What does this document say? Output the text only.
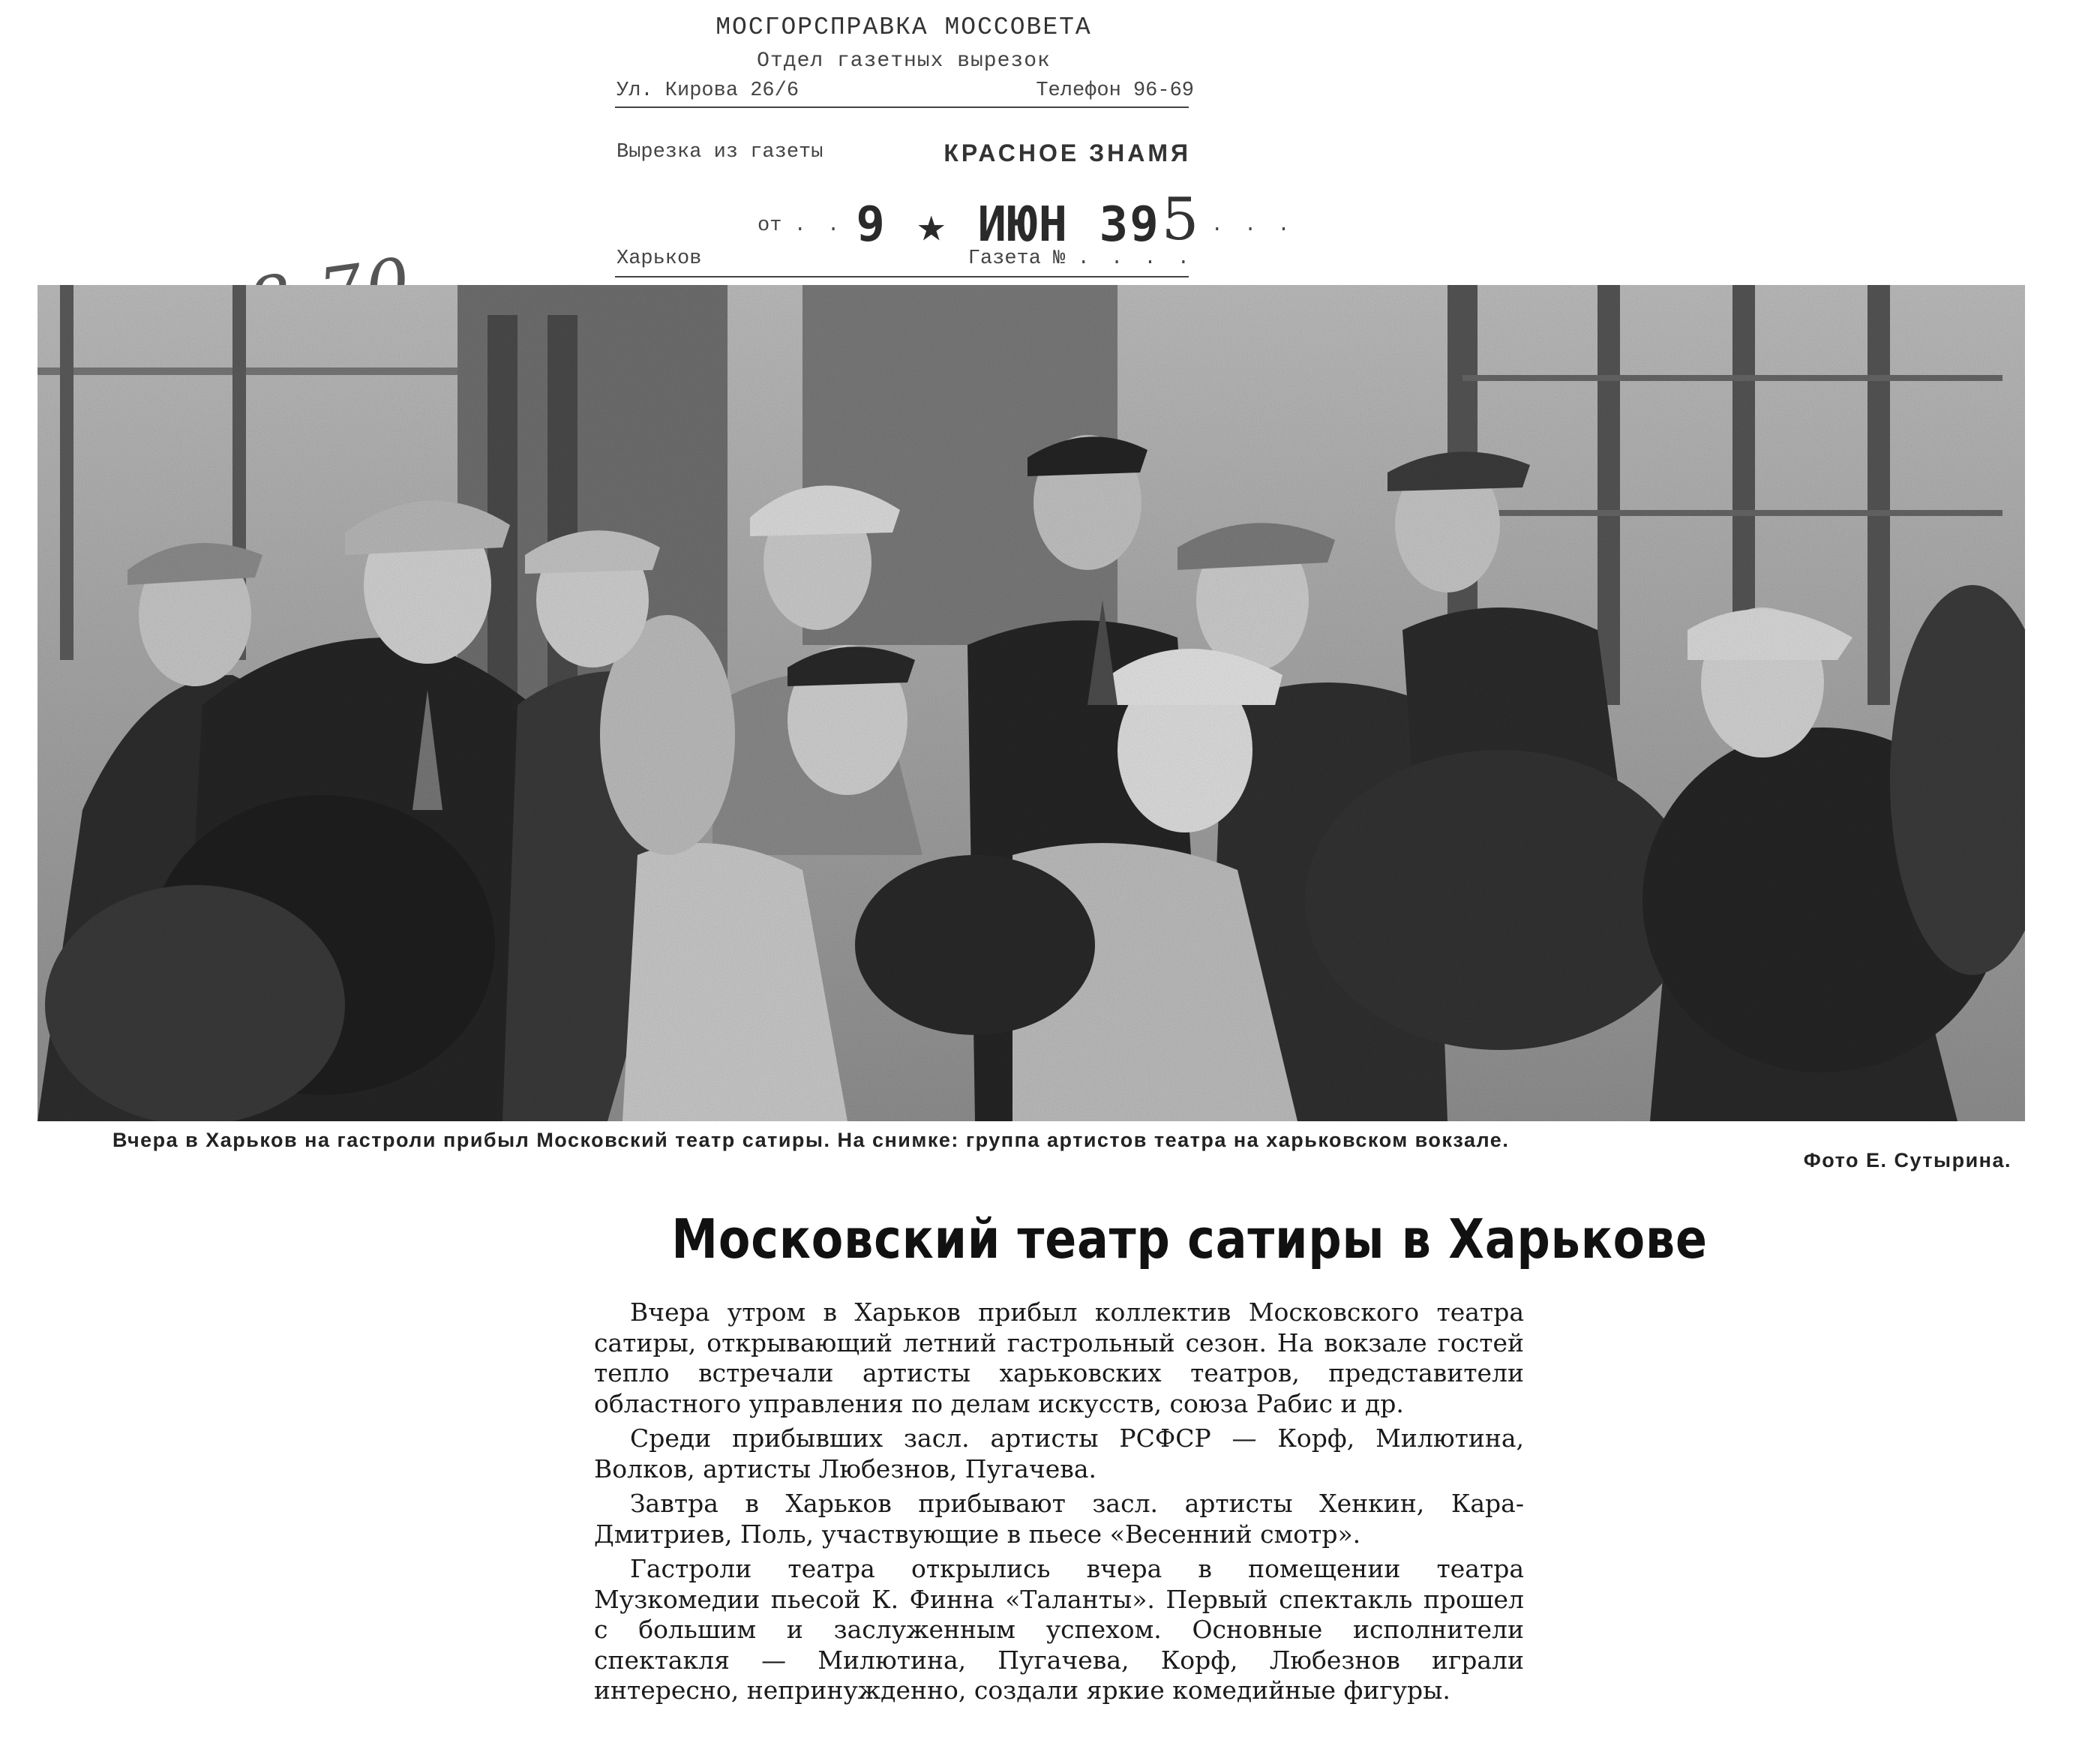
МОСГОРСПРАВКА МОССОВЕТА
Отдел газетных вырезок
Ул. Кирова 26/6	Телефон 96-69
Вырезка из газеты	КРАСНОЕ ЗНАМЯ
от . . 9 ★ ИЮН 395 . . .
Харьков	Газета № . . . .
Вчера в Харьков на гастроли прибыл Московский театр сатиры. На снимке: группа артистов театра на харьковском вокзале.
Фото Е. Сутырина.
Московский театр сатиры в Харькове

Вчера утром в Харьков прибыл коллектив Московского театра сатиры, открывающий летний гастрольный сезон. На вокзале гостей тепло встречали артисты харьковских театров, представители областного управления по делам искусств, союза Рабис и др.

Среди прибывших засл. артисты РСФСР — Корф, Милютина, Волков, артисты Любезнов, Пугачева.

Завтра в Харьков прибывают засл. артисты Хенкин, Кара-Дмитриев, Поль, участвующие в пьесе «Весенний смотр».

Гастроли театра открылись вчера в помещении театра Музкомедии пьесой К. Финна «Таланты». Первый спектакль прошел с большим и заслуженным успехом. Основные исполнители спектакля — Милютина, Пугачева, Корф, Любезнов играли интересно, непринужденно, создали яркие комедийные фигуры.
